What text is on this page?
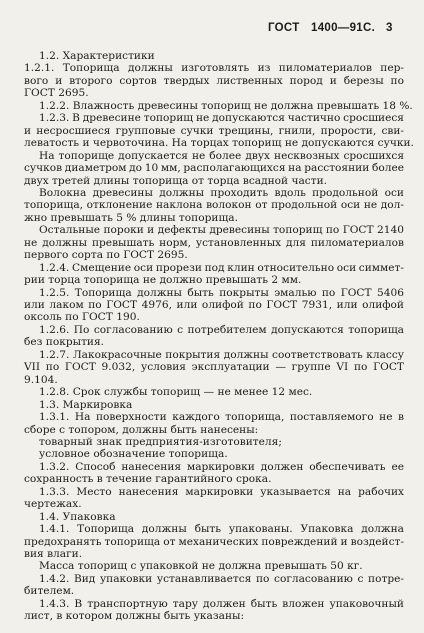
ГОСТ 1400—91 С. 3
1.2. Характеристики
1.2.1. Топорища должны изготовлять из пиломатериалов пер-
вого и второго сортов твердых лиственных пород и березы по
ГОСТ 2695.
1.2.2. Влажность древесины топорищ не должна превышать 18 %.
1.2.3. В древесине топорищ не допускаются частично сросшиеся
и несросшиеся групповые сучки трещины, гнили, прорости, сви-
леватость и червоточина. На торцах топорищ не допускаются сучки.
На топорище допускается не более двух несквозных сросшихся
сучков диаметром до 10 мм, располагающихся на расстоянии более
двух третей длины топорища от торца всадной части.
Волокна древесины должны проходить вдоль продольной оси
топорища, отклонение наклона волокон от продольной оси не дол-
жно превышать 5 % длины топорища.
Остальные пороки и дефекты древесины топорищ по ГОСТ 2140
не должны превышать норм, установленных для пиломатериалов
первого сорта по ГОСТ 2695.
1.2.4. Смещение оси прорези под клин относительно оси симмет-
рии торца топорища не должно превышать 2 мм.
1.2.5. Топорища должны быть покрыты эмалью по ГОСТ 5406
или лаком по ГОСТ 4976, или олифой по ГОСТ 7931, или олифой
оксоль по ГОСТ 190.
1.2.6. По согласованию с потребителем допускаются топорища
без покрытия.
1.2.7. Лакокрасочные покрытия должны соответствовать классу
VII по ГОСТ 9.032, условия эксплуатации — группе VI по ГОСТ
9.104.
1.2.8. Срок службы топорищ — не менее 12 мес.
1.3. Маркировка
1.3.1. На поверхности каждого топорища, поставляемого не в
сборе с топором, должны быть нанесены:
товарный знак предприятия-изготовителя;
условное обозначение топорища.
1.3.2. Способ нанесения маркировки должен обеспечивать ее
сохранность в течение гарантийного срока.
1.3.3. Место нанесения маркировки указывается на рабочих
чертежах.
1.4. Упаковка
1.4.1. Топорища должны быть упакованы. Упаковка должна
предохранять топорища от механических повреждений и воздейст-
вия влаги.
Масса топорищ с упаковкой не должна превышать 50 кг.
1.4.2. Вид упаковки устанавливается по согласованию с потре-
бителем.
1.4.3. В транспортную тару должен быть вложен упаковочный
лист, в котором должны быть указаны:
